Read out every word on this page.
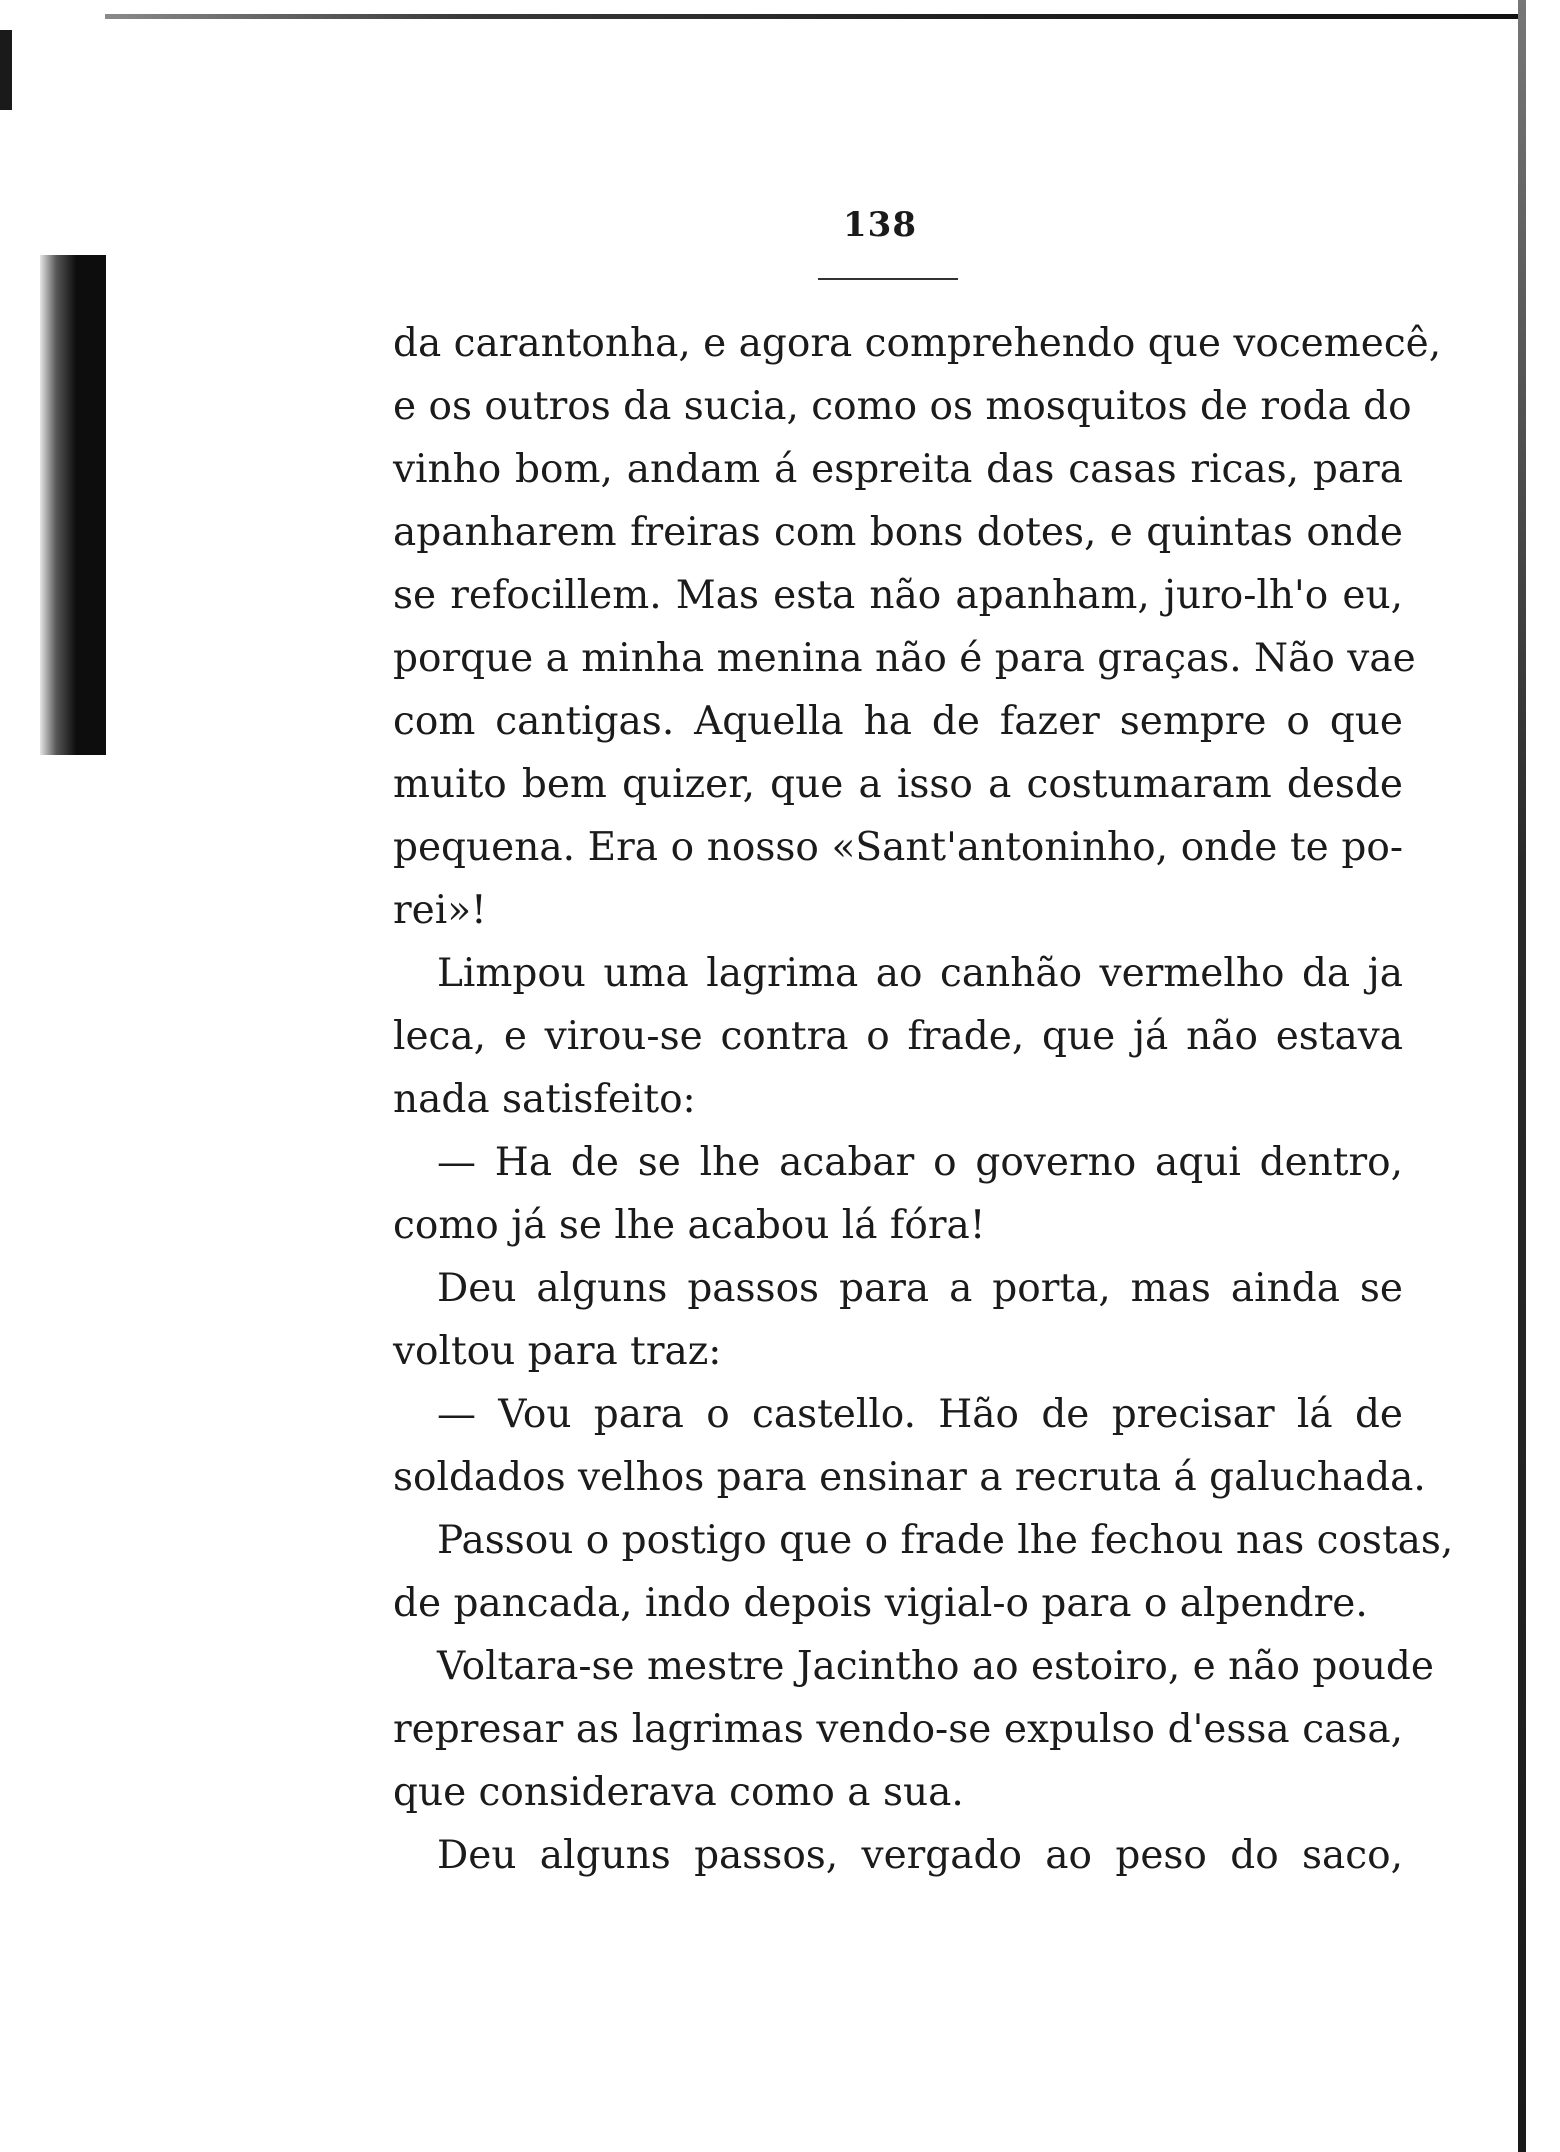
138
da carantonha, e agora comprehendo que vocemecê,
e os outros da sucia, como os mosquitos de roda do
vinho bom, andam á espreita das casas ricas, para
apanharem freiras com bons dotes, e quintas onde
se refocillem. Mas esta não apanham, juro-lh'o eu,
porque a minha menina não é para graças. Não vae
com cantigas. Aquella ha de fazer sempre o que
muito bem quizer, que a isso a costumaram desde
pequena. Era o nosso «Sant'antoninho, onde te po-
rei»!
Limpou uma lagrima ao canhão vermelho da ja
leca, e virou-se contra o frade, que já não estava
nada satisfeito:
— Ha de se lhe acabar o governo aqui dentro,
como já se lhe acabou lá fóra!
Deu alguns passos para a porta, mas ainda se
voltou para traz:
— Vou para o castello. Hão de precisar lá de
soldados velhos para ensinar a recruta á galuchada.
Passou o postigo que o frade lhe fechou nas costas,
de pancada, indo depois vigial-o para o alpendre.
Voltara-se mestre Jacintho ao estoiro, e não poude
represar as lagrimas vendo-se expulso d'essa casa,
que considerava como a sua.
Deu alguns passos, vergado ao peso do saco,
